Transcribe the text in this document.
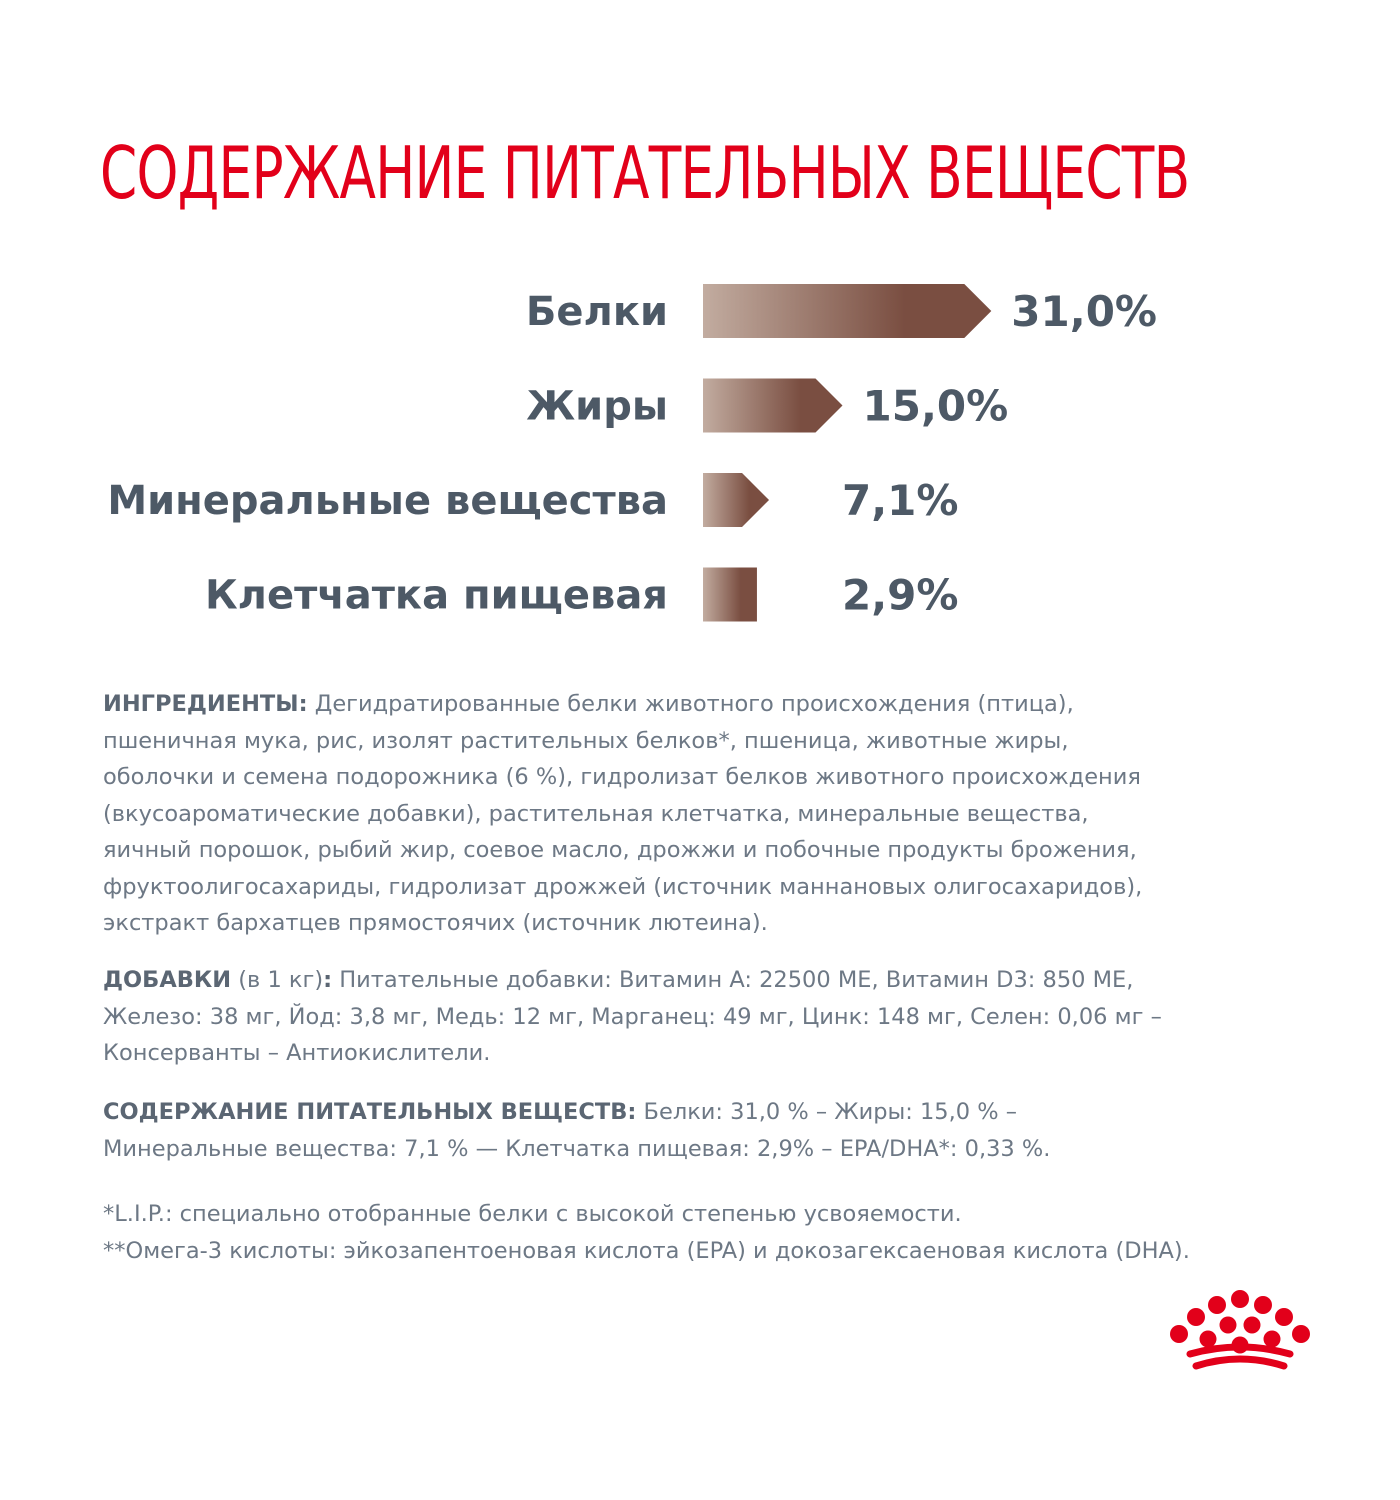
СОДЕРЖАНИЕ ПИТАТЕЛЬНЫХ ВЕЩЕСТВ
Белки	31,0%
Жиры	15,0%
Минеральные вещества	7,1%
Клетчатка пищевая	2,9%
ИНГРЕДИЕНТЫ: Дегидратированные белки животного происхождения (птица),
пшеничная мука, рис, изолят растительных белков*, пшеница, животные жиры,
оболочки и семена подорожника (6 %), гидролизат белков животного происхождения
(вкусоароматические добавки), растительная клетчатка, минеральные вещества,
яичный порошок, рыбий жир, соевое масло, дрожжи и побочные продукты брожения,
фруктоолигосахариды, гидролизат дрожжей (источник маннановых олигосахаридов),
экстракт бархатцев прямостоячих (источник лютеина).
ДОБАВКИ (в 1 кг): Питательные добавки: Витамин A: 22500 МЕ, Витамин D3: 850 МЕ,
Железо: 38 мг, Йод: 3,8 мг, Медь: 12 мг, Марганец: 49 мг, Цинк: 148 мг, Селен: 0,06 мг –
Консерванты – Антиокислители.
СОДЕРЖАНИЕ ПИТАТЕЛЬНЫХ ВЕЩЕСТВ: Белки: 31,0 % – Жиры: 15,0 % –
Минеральные вещества: 7,1 % — Клетчатка пищевая: 2,9% – EPA/DHA*: 0,33 %.
*L.I.P.: специально отобранные белки с высокой степенью усвояемости.
**Омега-3 кислоты: эйкозапентоеновая кислота (EPA) и докозагексаеновая кислота (DHA).
